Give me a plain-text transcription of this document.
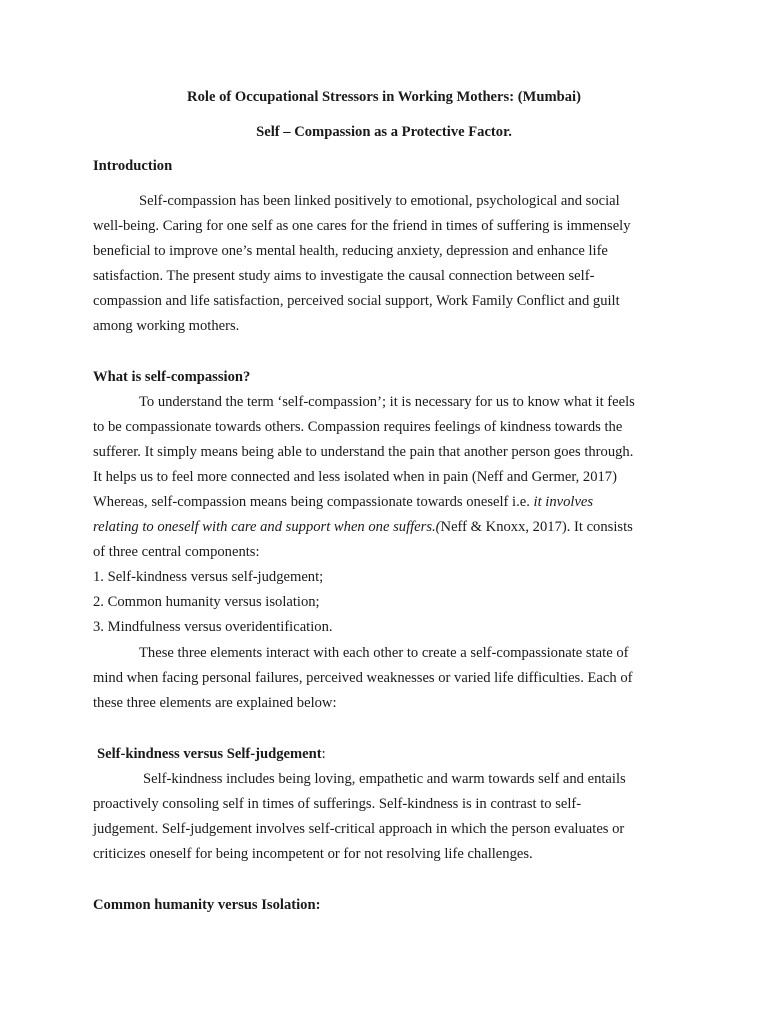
Role of Occupational Stressors in Working Mothers: (Mumbai)
Self – Compassion as a Protective Factor.
Introduction
Self-compassion has been linked positively to emotional, psychological and social
well-being. Caring for one self as one cares for the friend in times of suffering is immensely
beneficial to improve one’s mental health, reducing anxiety, depression and enhance life
satisfaction. The present study aims to investigate the causal connection between self-
compassion and life satisfaction, perceived social support, Work Family Conflict and guilt
among working mothers.
What is self-compassion?
To understand the term ‘self-compassion’; it is necessary for us to know what it feels
to be compassionate towards others. Compassion requires feelings of kindness towards the
sufferer. It simply means being able to understand the pain that another person goes through.
It helps us to feel more connected and less isolated when in pain (Neff and Germer, 2017)
Whereas, self-compassion means being compassionate towards oneself i.e. it involves
relating to oneself with care and support when one suffers.(Neff & Knoxx, 2017). It consists
of three central components:
1. Self-kindness versus self-judgement;
2. Common humanity versus isolation;
3. Mindfulness versus overidentification.
These three elements interact with each other to create a self-compassionate state of
mind when facing personal failures, perceived weaknesses or varied life difficulties. Each of
these three elements are explained below:
Self-kindness versus Self-judgement:
Self-kindness includes being loving, empathetic and warm towards self and entails
proactively consoling self in times of sufferings. Self-kindness is in contrast to self-
judgement. Self-judgement involves self-critical approach in which the person evaluates or
criticizes oneself for being incompetent or for not resolving life challenges.
Common humanity versus Isolation:
